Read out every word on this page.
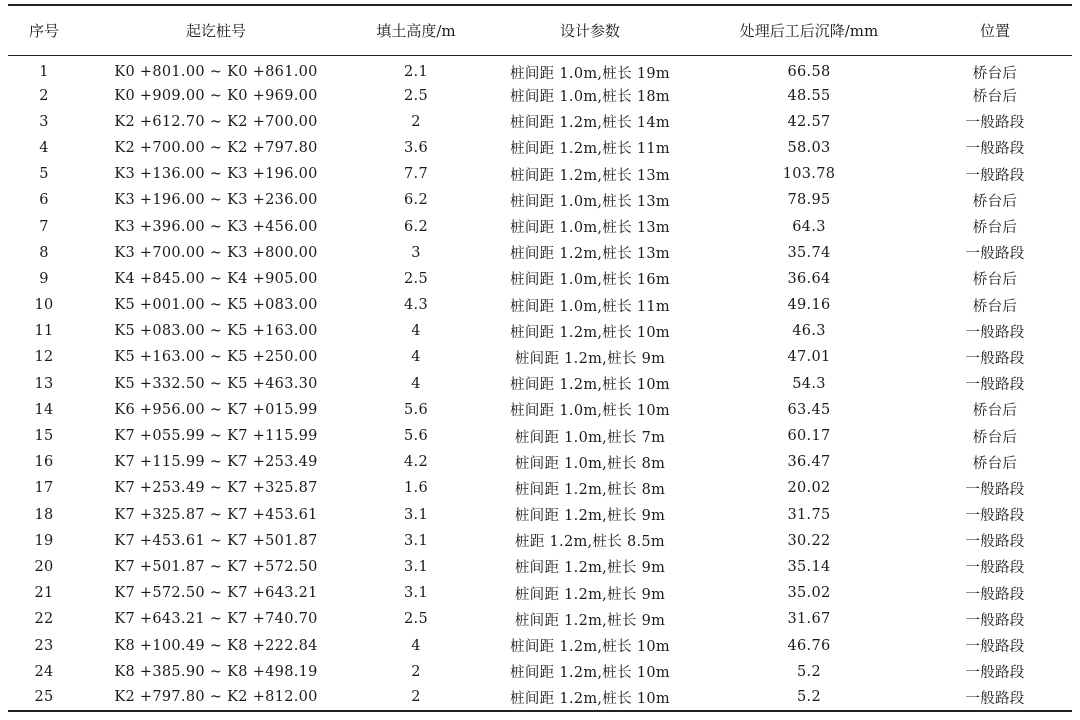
序号	起讫桩号	填土高度/m	设计参数	处理后工后沉降/mm	位置
1	K0 +801.00 ~ K0 +861.00	2.1	桩间距 1.0m,桩长 19m	66.58	桥台后
2	K0 +909.00 ~ K0 +969.00	2.5	桩间距 1.0m,桩长 18m	48.55	桥台后
3	K2 +612.70 ~ K2 +700.00	2	桩间距 1.2m,桩长 14m	42.57	一般路段
4	K2 +700.00 ~ K2 +797.80	3.6	桩间距 1.2m,桩长 11m	58.03	一般路段
5	K3 +136.00 ~ K3 +196.00	7.7	桩间距 1.2m,桩长 13m	103.78	一般路段
6	K3 +196.00 ~ K3 +236.00	6.2	桩间距 1.0m,桩长 13m	78.95	桥台后
7	K3 +396.00 ~ K3 +456.00	6.2	桩间距 1.0m,桩长 13m	64.3	桥台后
8	K3 +700.00 ~ K3 +800.00	3	桩间距 1.2m,桩长 13m	35.74	一般路段
9	K4 +845.00 ~ K4 +905.00	2.5	桩间距 1.0m,桩长 16m	36.64	桥台后
10	K5 +001.00 ~ K5 +083.00	4.3	桩间距 1.0m,桩长 11m	49.16	桥台后
11	K5 +083.00 ~ K5 +163.00	4	桩间距 1.2m,桩长 10m	46.3	一般路段
12	K5 +163.00 ~ K5 +250.00	4	桩间距 1.2m,桩长 9m	47.01	一般路段
13	K5 +332.50 ~ K5 +463.30	4	桩间距 1.2m,桩长 10m	54.3	一般路段
14	K6 +956.00 ~ K7 +015.99	5.6	桩间距 1.0m,桩长 10m	63.45	桥台后
15	K7 +055.99 ~ K7 +115.99	5.6	桩间距 1.0m,桩长 7m	60.17	桥台后
16	K7 +115.99 ~ K7 +253.49	4.2	桩间距 1.0m,桩长 8m	36.47	桥台后
17	K7 +253.49 ~ K7 +325.87	1.6	桩间距 1.2m,桩长 8m	20.02	一般路段
18	K7 +325.87 ~ K7 +453.61	3.1	桩间距 1.2m,桩长 9m	31.75	一般路段
19	K7 +453.61 ~ K7 +501.87	3.1	桩距 1.2m,桩长 8.5m	30.22	一般路段
20	K7 +501.87 ~ K7 +572.50	3.1	桩间距 1.2m,桩长 9m	35.14	一般路段
21	K7 +572.50 ~ K7 +643.21	3.1	桩间距 1.2m,桩长 9m	35.02	一般路段
22	K7 +643.21 ~ K7 +740.70	2.5	桩间距 1.2m,桩长 9m	31.67	一般路段
23	K8 +100.49 ~ K8 +222.84	4	桩间距 1.2m,桩长 10m	46.76	一般路段
24	K8 +385.90 ~ K8 +498.19	2	桩间距 1.2m,桩长 10m	5.2	一般路段
25	K2 +797.80 ~ K2 +812.00	2	桩间距 1.2m,桩长 10m	5.2	一般路段
